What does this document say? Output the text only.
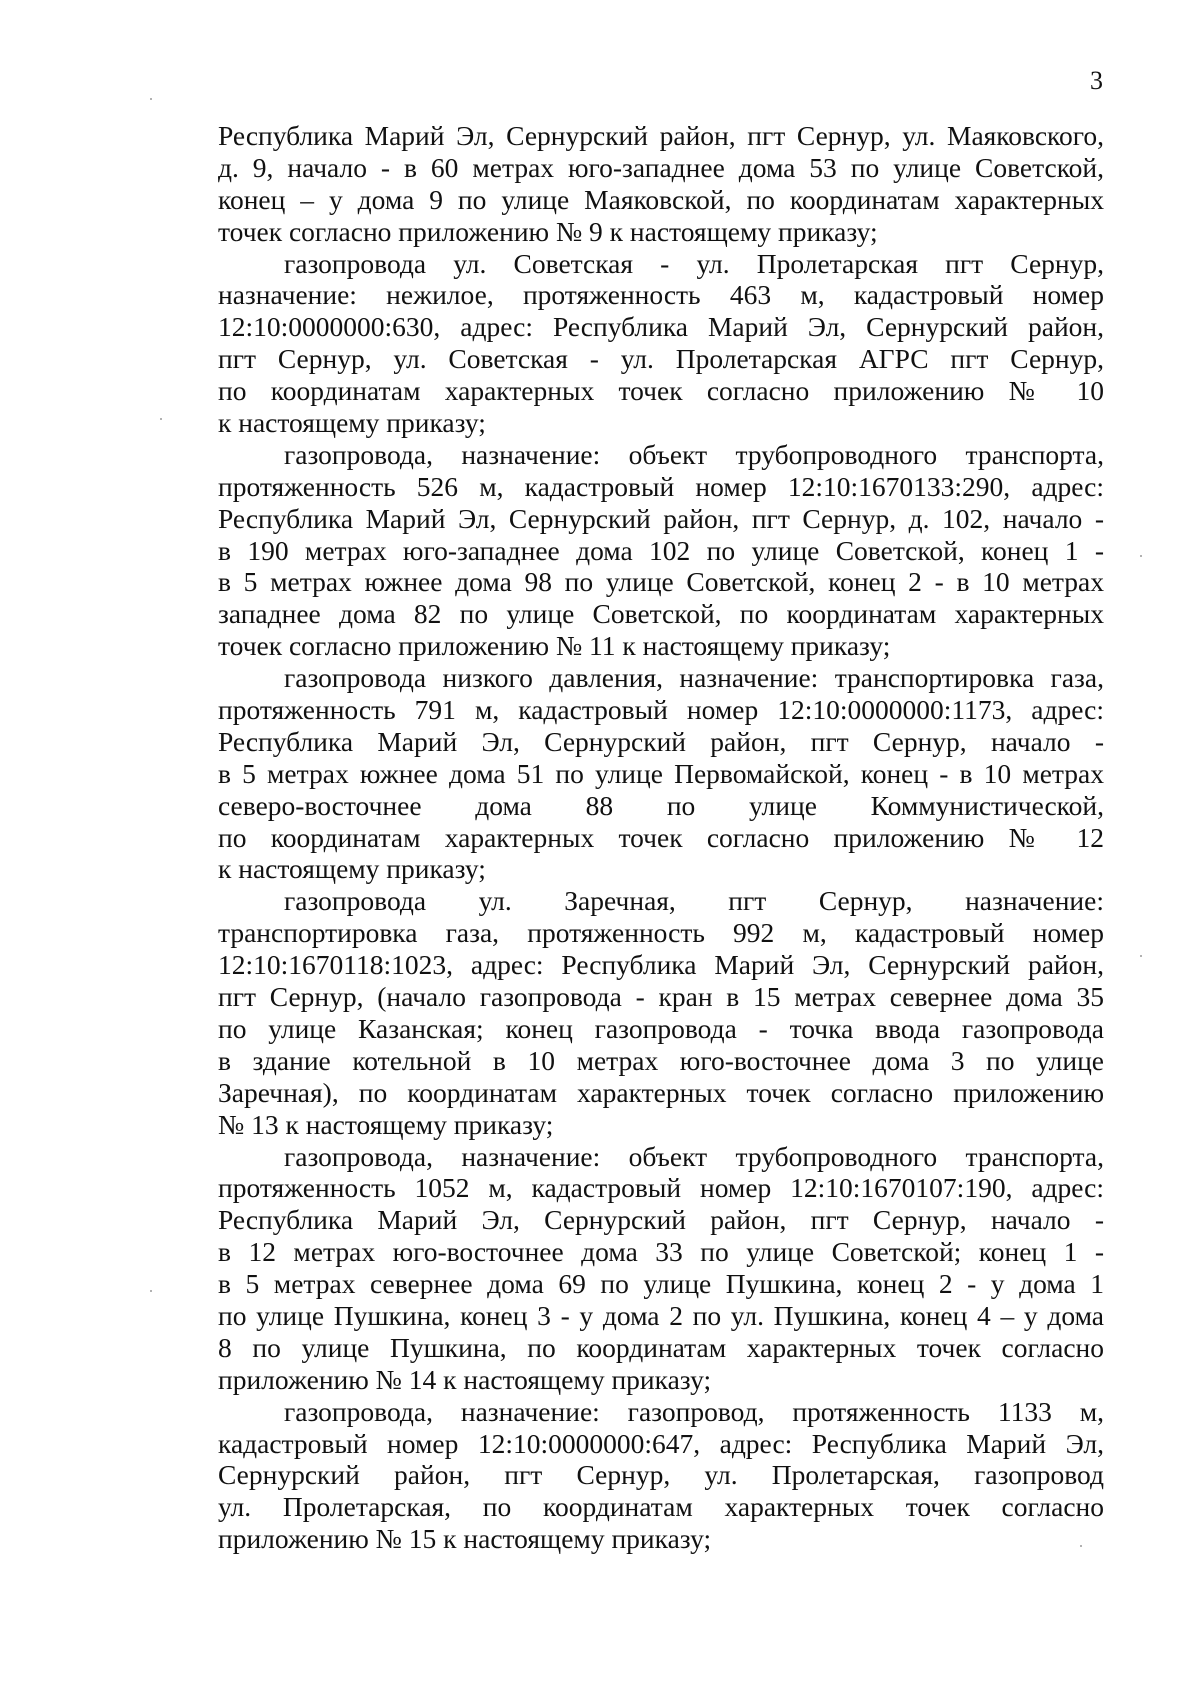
3
Республика Марий Эл, Сернурский район, пгт Сернур, ул. Маяковского,
д. 9, начало - в 60 метрах юго-западнее дома 53 по улице Советской,
конец – у дома 9 по улице Маяковской, по координатам характерных
точек согласно приложению № 9 к настоящему приказу;
газопровода ул. Советская - ул. Пролетарская пгт Сернур,
назначение: нежилое, протяженность 463 м, кадастровый номер
12:10:0000000:630, адрес: Республика Марий Эл, Сернурский район,
пгт Сернур, ул. Советская - ул. Пролетарская АГРС пгт Сернур,
по координатам характерных точек согласно приложению № 10
к настоящему приказу;
газопровода, назначение: объект трубопроводного транспорта,
протяженность 526 м, кадастровый номер 12:10:1670133:290, адрес:
Республика Марий Эл, Сернурский район, пгт Сернур, д. 102, начало -
в 190 метрах юго-западнее дома 102 по улице Советской, конец 1 -
в 5 метрах южнее дома 98 по улице Советской, конец 2 - в 10 метрах
западнее дома 82 по улице Советской, по координатам характерных
точек согласно приложению № 11 к настоящему приказу;
газопровода низкого давления, назначение: транспортировка газа,
протяженность 791 м, кадастровый номер 12:10:0000000:1173, адрес:
Республика Марий Эл, Сернурский район, пгт Сернур, начало -
в 5 метрах южнее дома 51 по улице Первомайской, конец - в 10 метрах
северо-восточнее дома 88 по улице Коммунистической,
по координатам характерных точек согласно приложению № 12
к настоящему приказу;
газопровода ул. Заречная, пгт Сернур, назначение:
транспортировка газа, протяженность 992 м, кадастровый номер
12:10:1670118:1023, адрес: Республика Марий Эл, Сернурский район,
пгт Сернур, (начало газопровода - кран в 15 метрах севернее дома 35
по улице Казанская; конец газопровода - точка ввода газопровода
в здание котельной в 10 метрах юго-восточнее дома 3 по улице
Заречная), по координатам характерных точек согласно приложению
№ 13 к настоящему приказу;
газопровода, назначение: объект трубопроводного транспорта,
протяженность 1052 м, кадастровый номер 12:10:1670107:190, адрес:
Республика Марий Эл, Сернурский район, пгт Сернур, начало -
в 12 метрах юго-восточнее дома 33 по улице Советской; конец 1 -
в 5 метрах севернее дома 69 по улице Пушкина, конец 2 - у дома 1
по улице Пушкина, конец 3 - у дома 2 по ул. Пушкина, конец 4 – у дома
8 по улице Пушкина, по координатам характерных точек согласно
приложению № 14 к настоящему приказу;
газопровода, назначение: газопровод, протяженность 1133 м,
кадастровый номер 12:10:0000000:647, адрес: Республика Марий Эл,
Сернурский район, пгт Сернур, ул. Пролетарская, газопровод
ул. Пролетарская, по координатам характерных точек согласно
приложению № 15 к настоящему приказу;
